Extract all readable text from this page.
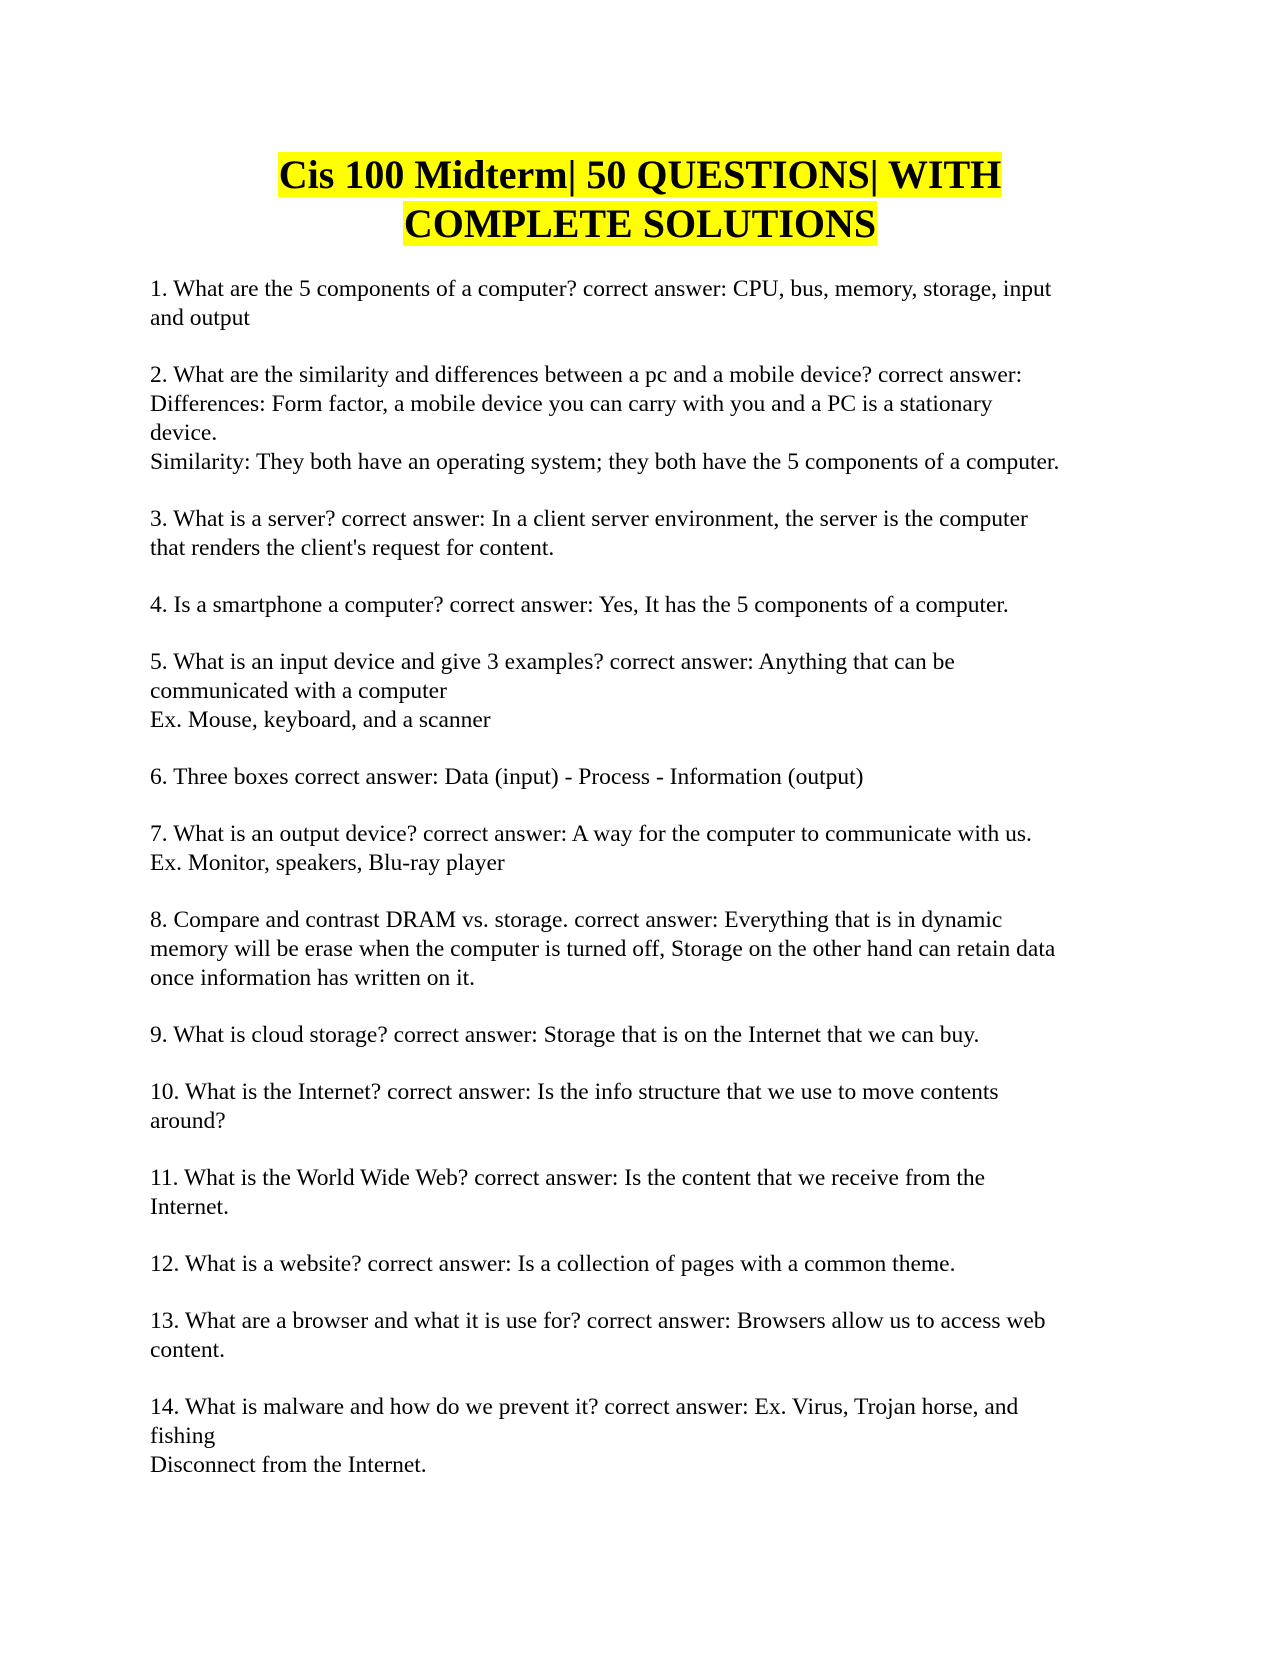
Cis 100 Midterm| 50 QUESTIONS| WITH
COMPLETE SOLUTIONS
1. What are the 5 components of a computer? correct answer: CPU, bus, memory, storage, input
and output
2. What are the similarity and differences between a pc and a mobile device? correct answer:
Differences: Form factor, a mobile device you can carry with you and a PC is a stationary
device.
Similarity: They both have an operating system; they both have the 5 components of a computer.
3. What is a server? correct answer: In a client server environment, the server is the computer
that renders the client's request for content.
4. Is a smartphone a computer? correct answer: Yes, It has the 5 components of a computer.
5. What is an input device and give 3 examples? correct answer: Anything that can be
communicated with a computer
Ex. Mouse, keyboard, and a scanner
6. Three boxes correct answer: Data (input) - Process - Information (output)
7. What is an output device? correct answer: A way for the computer to communicate with us.
Ex. Monitor, speakers, Blu-ray player
8. Compare and contrast DRAM vs. storage. correct answer: Everything that is in dynamic
memory will be erase when the computer is turned off, Storage on the other hand can retain data
once information has written on it.
9. What is cloud storage? correct answer: Storage that is on the Internet that we can buy.
10. What is the Internet? correct answer: Is the info structure that we use to move contents
around?
11. What is the World Wide Web? correct answer: Is the content that we receive from the
Internet.
12. What is a website? correct answer: Is a collection of pages with a common theme.
13. What are a browser and what it is use for? correct answer: Browsers allow us to access web
content.
14. What is malware and how do we prevent it? correct answer: Ex. Virus, Trojan horse, and
fishing
Disconnect from the Internet.
